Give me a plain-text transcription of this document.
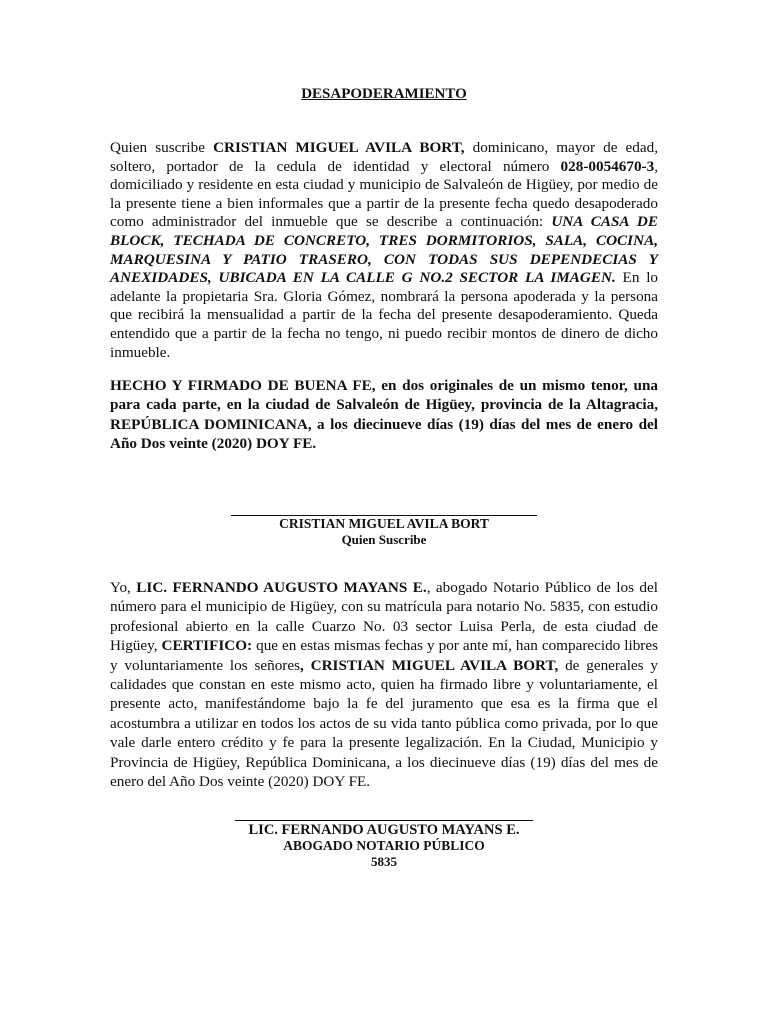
DESAPODERAMIENTO
Quien suscribe CRISTIAN MIGUEL AVILA BORT, dominicano, mayor de edad, soltero, portador de la cedula de identidad y electoral número 028-0054670-3, domiciliado y residente en esta ciudad y municipio de Salvaleón de Higüey, por medio de la presente tiene a bien informales que a partir de la presente fecha quedo desapoderado como administrador del inmueble que se describe a continuación: UNA CASA DE BLOCK, TECHADA DE CONCRETO, TRES DORMITORIOS, SALA, COCINA, MARQUESINA Y PATIO TRASERO, CON TODAS SUS DEPENDECIAS Y ANEXIDADES, UBICADA EN LA CALLE G NO.2 SECTOR LA IMAGEN. En lo adelante la propietaria Sra. Gloria Gómez, nombrará la persona apoderada y la persona que recibirá la mensualidad a partir de la fecha del presente desapoderamiento. Queda entendido que a partir de la fecha no tengo, ni puedo recibir montos de dinero de dicho inmueble.
HECHO Y FIRMADO DE BUENA FE, en dos originales de un mismo tenor, una para cada parte, en la ciudad de Salvaleón de Higüey, provincia de la Altagracia, REPÚBLICA DOMINICANA, a los diecinueve días (19) días del mes de enero del Año Dos veinte (2020) DOY FE.
CRISTIAN MIGUEL AVILA BORT
Quien Suscribe
Yo, LIC. FERNANDO AUGUSTO MAYANS E., abogado Notario Público de los del número para el municipio de Higüey, con su matrícula para notario No. 5835, con estudio profesional abierto en la calle Cuarzo No. 03 sector Luisa Perla, de esta ciudad de Higüey, CERTIFICO: que en estas mismas fechas y por ante mí, han comparecido libres y voluntariamente los señores, CRISTIAN MIGUEL AVILA BORT, de generales y calidades que constan en este mismo acto, quien ha firmado libre y voluntariamente, el presente acto, manifestándome bajo la fe del juramento que esa es la firma que el acostumbra a utilizar en todos los actos de su vida tanto pública como privada, por lo que vale darle entero crédito y fe para la presente legalización. En la Ciudad, Municipio y Provincia de Higüey, República Dominicana, a los diecinueve días (19) días del mes de enero del Año Dos veinte (2020) DOY FE.
LIC. FERNANDO AUGUSTO MAYANS E.
ABOGADO NOTARIO PÚBLICO
5835
